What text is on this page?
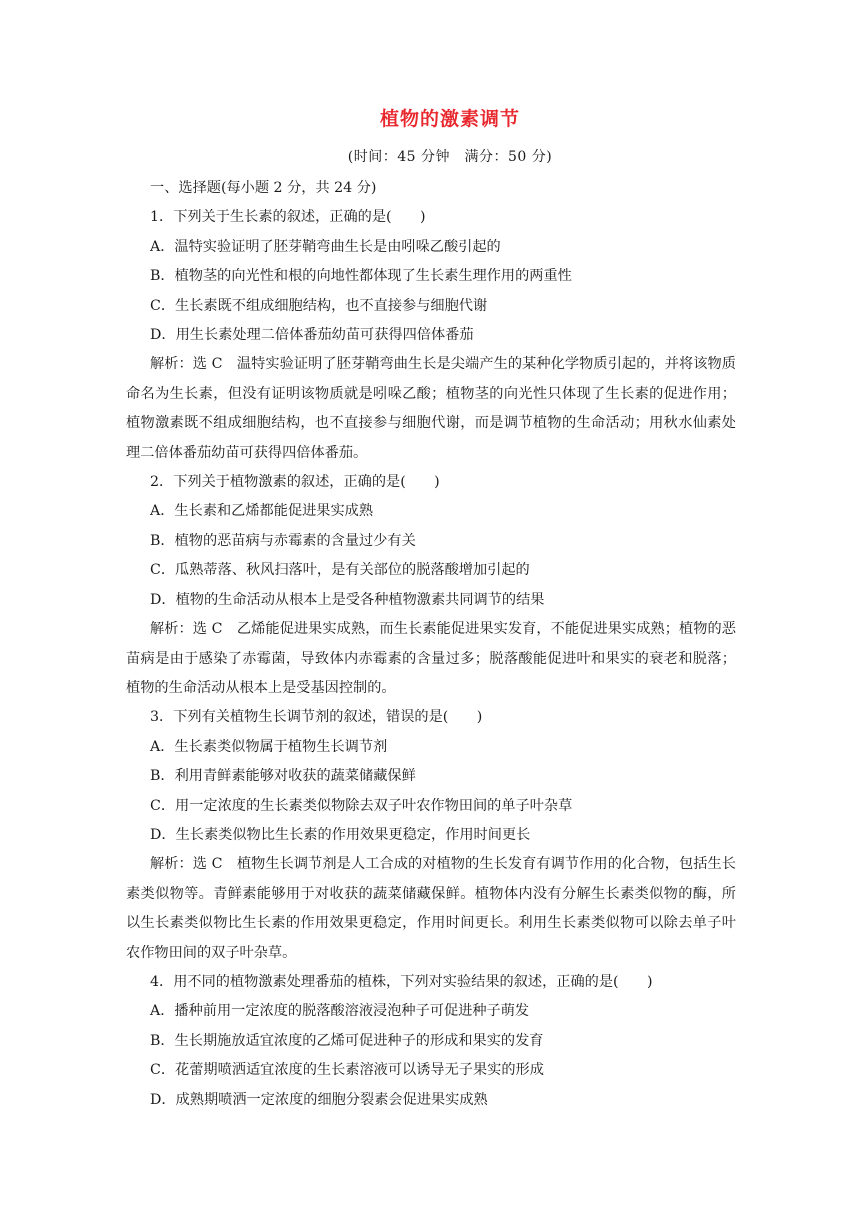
植物的激素调节
(时间：45 分钟　满分：50 分)

一、选择题(每小题 2 分，共 24 分)

1．下列关于生长素的叙述，正确的是(　　)

A．温特实验证明了胚芽鞘弯曲生长是由吲哚乙酸引起的

B．植物茎的向光性和根的向地性都体现了生长素生理作用的两重性

C．生长素既不组成细胞结构，也不直接参与细胞代谢

D．用生长素处理二倍体番茄幼苗可获得四倍体番茄

解析：选 C　温特实验证明了胚芽鞘弯曲生长是尖端产生的某种化学物质引起的，并将该物质命名为生长素，但没有证明该物质就是吲哚乙酸；植物茎的向光性只体现了生长素的促进作用；植物激素既不组成细胞结构，也不直接参与细胞代谢，而是调节植物的生命活动；用秋水仙素处理二倍体番茄幼苗可获得四倍体番茄。

2．下列关于植物激素的叙述，正确的是(　　)

A．生长素和乙烯都能促进果实成熟

B．植物的恶苗病与赤霉素的含量过少有关

C．瓜熟蒂落、秋风扫落叶，是有关部位的脱落酸增加引起的

D．植物的生命活动从根本上是受各种植物激素共同调节的结果

解析：选 C　乙烯能促进果实成熟，而生长素能促进果实发育，不能促进果实成熟；植物的恶苗病是由于感染了赤霉菌，导致体内赤霉素的含量过多；脱落酸能促进叶和果实的衰老和脱落；植物的生命活动从根本上是受基因控制的。

3．下列有关植物生长调节剂的叙述，错误的是(　　)

A．生长素类似物属于植物生长调节剂

B．利用青鲜素能够对收获的蔬菜储藏保鲜

C．用一定浓度的生长素类似物除去双子叶农作物田间的单子叶杂草

D．生长素类似物比生长素的作用效果更稳定，作用时间更长

解析：选 C　植物生长调节剂是人工合成的对植物的生长发育有调节作用的化合物，包括生长素类似物等。青鲜素能够用于对收获的蔬菜储藏保鲜。植物体内没有分解生长素类似物的酶，所以生长素类似物比生长素的作用效果更稳定，作用时间更长。利用生长素类似物可以除去单子叶农作物田间的双子叶杂草。

4．用不同的植物激素处理番茄的植株，下列对实验结果的叙述，正确的是(　　)

A．播种前用一定浓度的脱落酸溶液浸泡种子可促进种子萌发

B．生长期施放适宜浓度的乙烯可促进种子的形成和果实的发育

C．花蕾期喷洒适宜浓度的生长素溶液可以诱导无子果实的形成

D．成熟期喷洒一定浓度的细胞分裂素会促进果实成熟
